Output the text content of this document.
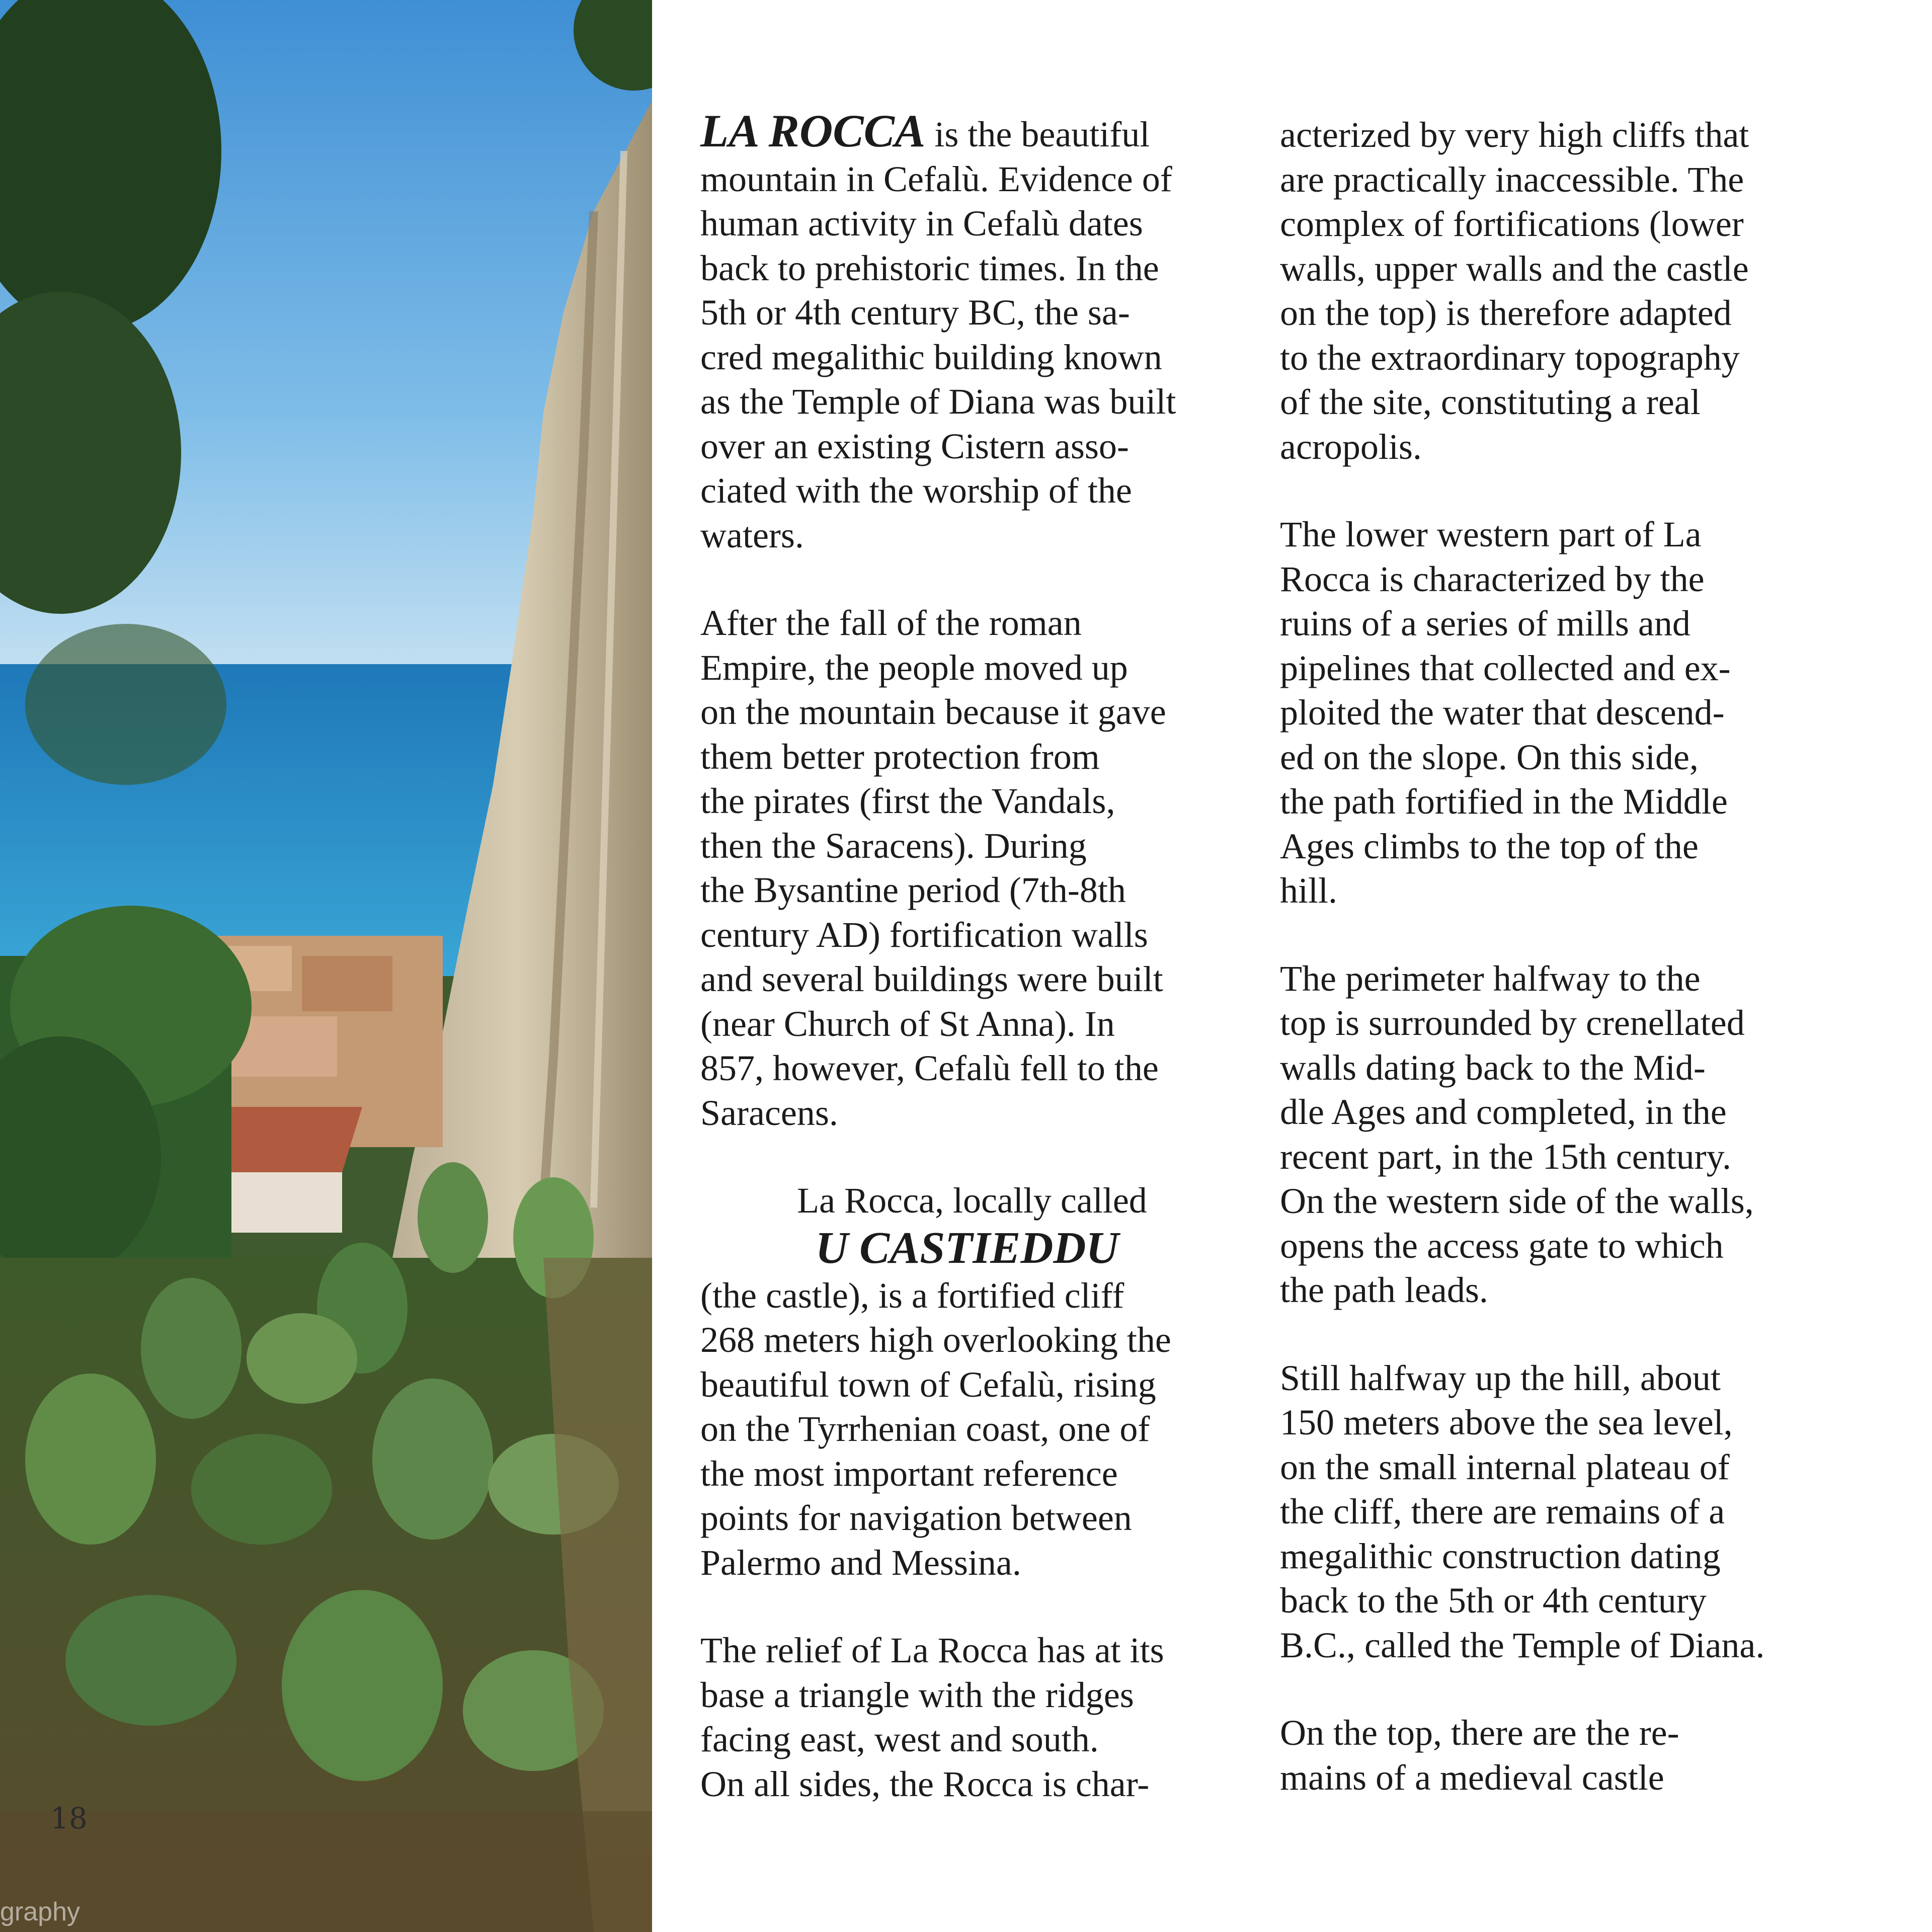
18
graphy

LA ROCCA is the beautiful
mountain in Cefalù. Evidence of
human activity in Cefalù dates
back to prehistoric times. In the
5th or 4th century BC, the sa-
cred megalithic building known
as the Temple of Diana was built
over an existing Cistern asso-
ciated with the worship of the
waters.

After the fall of the roman
Empire, the people moved up
on the mountain because it gave
them better protection from
the pirates (first the Vandals,
then the Saracens). During
the Bysantine period (7th-8th
century AD) fortification walls
and several buildings were built
(near Church of St Anna). In
857, however, Cefalù fell to the
Saracens.

La Rocca, locally called
U CASTIEDDU
(the castle), is a fortified cliff
268 meters high overlooking the
beautiful town of Cefalù, rising
on the Tyrrhenian coast, one of
the most important reference
points for navigation between
Palermo and Messina.

The relief of La Rocca has at its
base a triangle with the ridges
facing east, west and south.
On all sides, the Rocca is char-

acterized by very high cliffs that
are practically inaccessible. The
complex of fortifications (lower
walls, upper walls and the castle
on the top) is therefore adapted
to the extraordinary topography
of the site, constituting a real
acropolis.

The lower western part of La
Rocca is characterized by the
ruins of a series of mills and
pipelines that collected and ex-
ploited the water that descend-
ed on the slope. On this side,
the path fortified in the Middle
Ages climbs to the top of the
hill.

The perimeter halfway to the
top is surrounded by crenellated
walls dating back to the Mid-
dle Ages and completed, in the
recent part, in the 15th century.
On the western side of the walls,
opens the access gate to which
the path leads.

Still halfway up the hill, about
150 meters above the sea level,
on the small internal plateau of
the cliff, there are remains of a
megalithic construction dating
back to the 5th or 4th century
B.C., called the Temple of Diana.

On the top, there are the re-
mains of a medieval castle
